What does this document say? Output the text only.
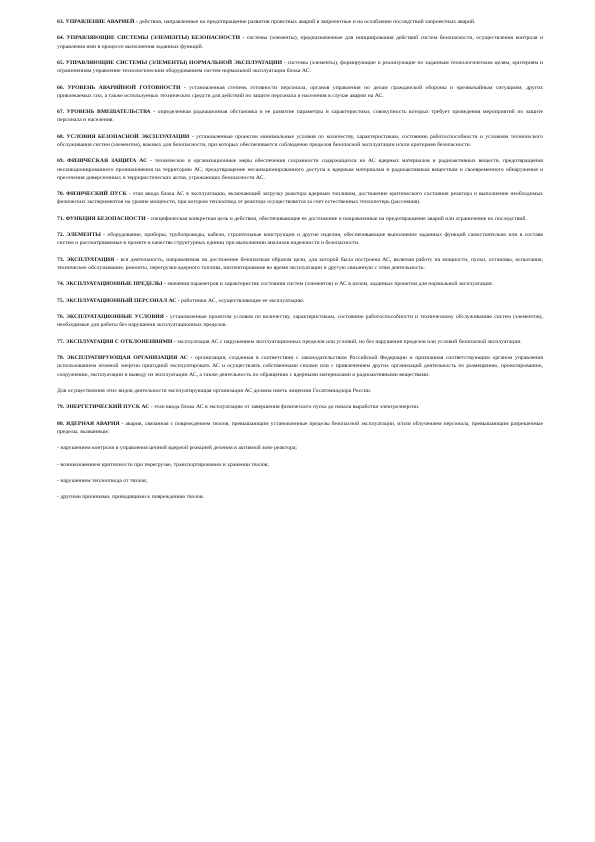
63. УПРАВЛЕНИЕ АВАРИЕЙ - действия, направленные на предотвращение развития проектных аварий в запроектные и на ослабление последствий запроектных аварий.

64. УПРАВЛЯЮЩИЕ СИСТЕМЫ (ЭЛЕМЕНТЫ) БЕЗОПАСНОСТИ - системы (элементы), предназначенные для инициирования действий систем безопасности, осуществления контроля и управления ими в процессе выполнения заданных функций.

65. УПРАВЛЯЮЩИЕ СИСТЕМЫ (ЭЛЕМЕНТЫ) НОРМАЛЬНОЙ ЭКСПЛУАТАЦИИ - системы (элементы), формирующие и реализующие по заданным технологическим целям, критериям и ограничениям управление технологическим оборудованием систем нормальной эксплуатации блока АС.

66. УРОВЕНЬ АВАРИЙНОЙ ГОТОВНОСТИ - установленная степень готовности персонала, органов управления по делам гражданской обороны и чрезвычайным ситуациям, других привлекаемых сил, а также используемых технических средств для действий по защите персонала и населения в случае аварии на АС.

67. УРОВЕНЬ ВМЕШАТЕЛЬСТВА - определенная радиационная обстановка и ее развитие параметры и характеристики, совокупность которых требует проведения мероприятий по защите персонала и населения.

68. УСЛОВИЯ БЕЗОПАСНОЙ ЭКСПЛУАТАЦИИ - установленные проектом минимальные условия по количеству, характеристикам, состоянию работоспособности и условиям технического обслуживания систем (элементов), важных для безопасности, при которых обеспечивается соблюдение пределов безопасной эксплуатации и/или критериев безопасности.

69. ФИЗИЧЕСКАЯ ЗАЩИТА АС - техническое и организационные меры обеспечения сохранности содержащихся на АС ядерных материалов и радиоактивных веществ, предотвращения несанкционированного проникновения на территорию АС, предотвращение несанкционированного доступа к ядерным материалам и радиоактивным веществам и своевременного обнаружения и пресечения диверсионных и террористических актов, угрожающих безопасности АС.

70. ФИЗИЧЕСКИЙ ПУСК - этап ввода блока АС в эксплуатацию, включающий загрузку реактора ядерным топливом, достижение критического состояния реактора и выполнение необходимых физических экспериментов на уровне мощности, при котором теплоотвод от реактора осуществляется за счет естественных теплопотерь (рассеяния).

71. ФУНКЦИЯ БЕЗОПАСНОСТИ - специфическая конкретная цель и действия, обеспечивающие ее достижение и направленные на предотвращение аварий или ограничение их последствий.

72. ЭЛЕМЕНТЫ - оборудование, приборы, трубопроводы, кабели, строительные конструкции и другие изделия, обеспечивающие выполнение заданных функций самостоятельно или в составе систем и рассматриваемые в проекте в качестве структурных единиц при выполнении анализов надежности и безопасности.

73. ЭКСПЛУАТАЦИЯ - вся деятельность, направленная на достижение безопасным образом цели, для которой была построена АС, включая работу на мощности, пуски, остановы, испытания, техническое обслуживание, ремонты, перегрузки ядерного топлива, инспектирование во время эксплуатации и другую связанную с этим деятельность.

74. ЭКСПЛУАТАЦИОННЫЕ ПРЕДЕЛЫ - значения параметров и характеристик состояния систем (элементов) и АС в целом, заданных проектом для нормальной эксплуатации.

75. ЭКСПЛУАТАЦИОННЫЙ ПЕРСОНАЛ АС - работники АС, осуществляющие ее эксплуатацию.

76. ЭКСПЛУАТАЦИОННЫЕ УСЛОВИЯ - установленные проектом условия по количеству, характеристикам, состоянию работоспособности и техническому обслуживанию систем (элементов), необходимые для работы без нарушения эксплуатационных пределов.

77. ЭКСПЛУАТАЦИЯ С ОТКЛОНЕНИЯМИ - эксплуатация АС с нарушением эксплуатационных пределов или условий, но без нарушения пределов или условий безопасной эксплуатации.

78. ЭКСПЛУАТИРУЮЩАЯ ОРГАНИЗАЦИЯ АС - организация, созданная в соответствии с законодательством Российской Федерации и признанная соответствующим органом управления использованием атомной энергии пригодной эксплуатировать АС и осуществлять собственными силами или с привлечением других организаций деятельность по размещению, проектированию, сооружению, эксплуатации и выводу из эксплуатации АС, а также деятельность по обращению с ядерными материалами и радиоактивными веществами.

Для осуществления этих видов деятельности эксплуатирующая организация АС должна иметь лицензии Госатомнадзора России.

79. ЭНЕРГЕТИЧЕСКИЙ ПУСК АС - этап ввода блока АС в эксплуатацию от завершения физического пуска до начала выработки электроэнергии.

80. ЯДЕРНАЯ АВАРИЯ - авария, связанная с повреждением твэлов, превышающим установленные пределы безопасной эксплуатации, и/или облучением персонала, превышающим разрешенные пределы, вызванным:

- нарушением контроля и управления цепной ядерной реакцией деления в активной зоне реактора;

- возникновением критичности при перегрузке, транспортировании и хранении твэлов;

- нарушением теплоотвода от твэлов;

- другими причинами, приводящими к повреждению твэлов.
